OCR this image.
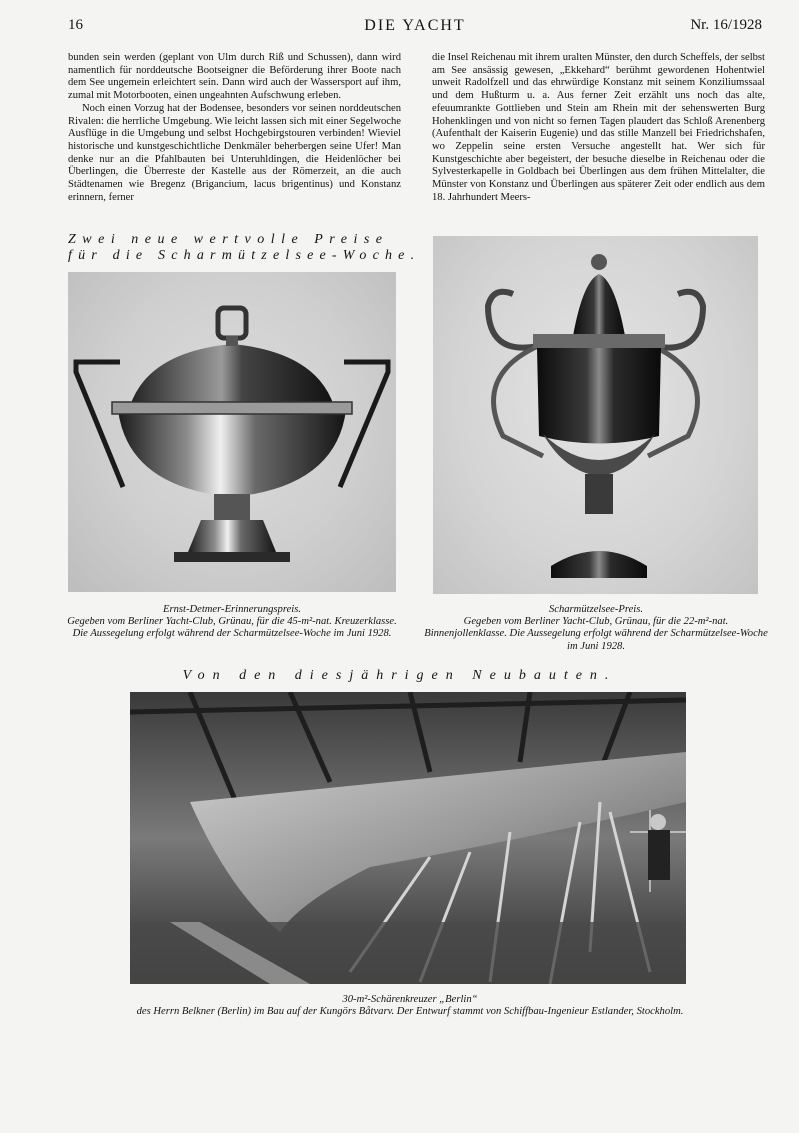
16	DIE YACHT	Nr. 16/1928

bunden sein werden (geplant von Ulm durch Riß und Schussen), dann wird namentlich für norddeutsche Bootseigner die Beförderung ihrer Boote nach dem See ungemein erleichtert sein. Dann wird auch der Wassersport auf ihm, zumal mit Motorbooten, einen ungeahnten Aufschwung erleben.

Noch einen Vorzug hat der Bodensee, besonders vor seinen norddeutschen Rivalen: die herrliche Umgebung. Wie leicht lassen sich mit einer Segelwoche Ausflüge in die Umgebung und selbst Hochgebirgstouren verbinden! Wieviel historische und kunstgeschichtliche Denkmäler beherbergen seine Ufer! Man denke nur an die Pfahlbauten bei Unteruhldingen, die Heidenlöcher bei Überlingen, die Überreste der Kastelle aus der Römerzeit, an die auch Städtenamen wie Bregenz (Brigancium, lacus brigentinus) und Konstanz erinnern, ferner

die Insel Reichenau mit ihrem uralten Münster, den durch Scheffels, der selbst am See ansässig gewesen, „Ekkehard“ berühmt gewordenen Hohentwiel unweit Radolfzell und das ehrwürdige Konstanz mit seinem Konziliumssaal und dem Hußturm u. a. Aus ferner Zeit erzählt uns noch das alte, efeuumrankte Gottlieben und Stein am Rhein mit der sehenswerten Burg Hohenklingen und von nicht so fernen Tagen plaudert das Schloß Arenenberg (Aufenthalt der Kaiserin Eugenie) und das stille Manzell bei Friedrichshafen, wo Zeppelin seine ersten Versuche angestellt hat. Wer sich für Kunstgeschichte aber begeistert, der besuche dieselbe in Reichenau oder die Sylvesterkapelle in Goldbach bei Überlingen aus dem frühen Mittelalter, die Münster von Konstanz und Überlingen aus späterer Zeit oder endlich aus dem 18. Jahrhundert Meers-

Zwei neue wertvolle Preise
für die Scharmützelsee-Woche.
Ernst-Detmer-Erinnerungspreis.
Gegeben vom Berliner Yacht-Club, Grünau, für die 45-m²-nat. Kreuzerklasse. Die Aussegelung erfolgt während der Scharmützelsee-Woche im Juni 1928.
Scharmützelsee-Preis.
Gegeben vom Berliner Yacht-Club, Grünau, für die 22-m²-nat. Binnenjollenklasse. Die Aussegelung erfolgt während der Scharmützelsee-Woche im Juni 1928.
Von den diesjährigen Neubauten.
30-m²-Schärenkreuzer „Berlin“
des Herrn Belkner (Berlin) im Bau auf der Kungörs Båtvarv. Der Entwurf stammt von Schiffbau-Ingenieur Estlander, Stockholm.
